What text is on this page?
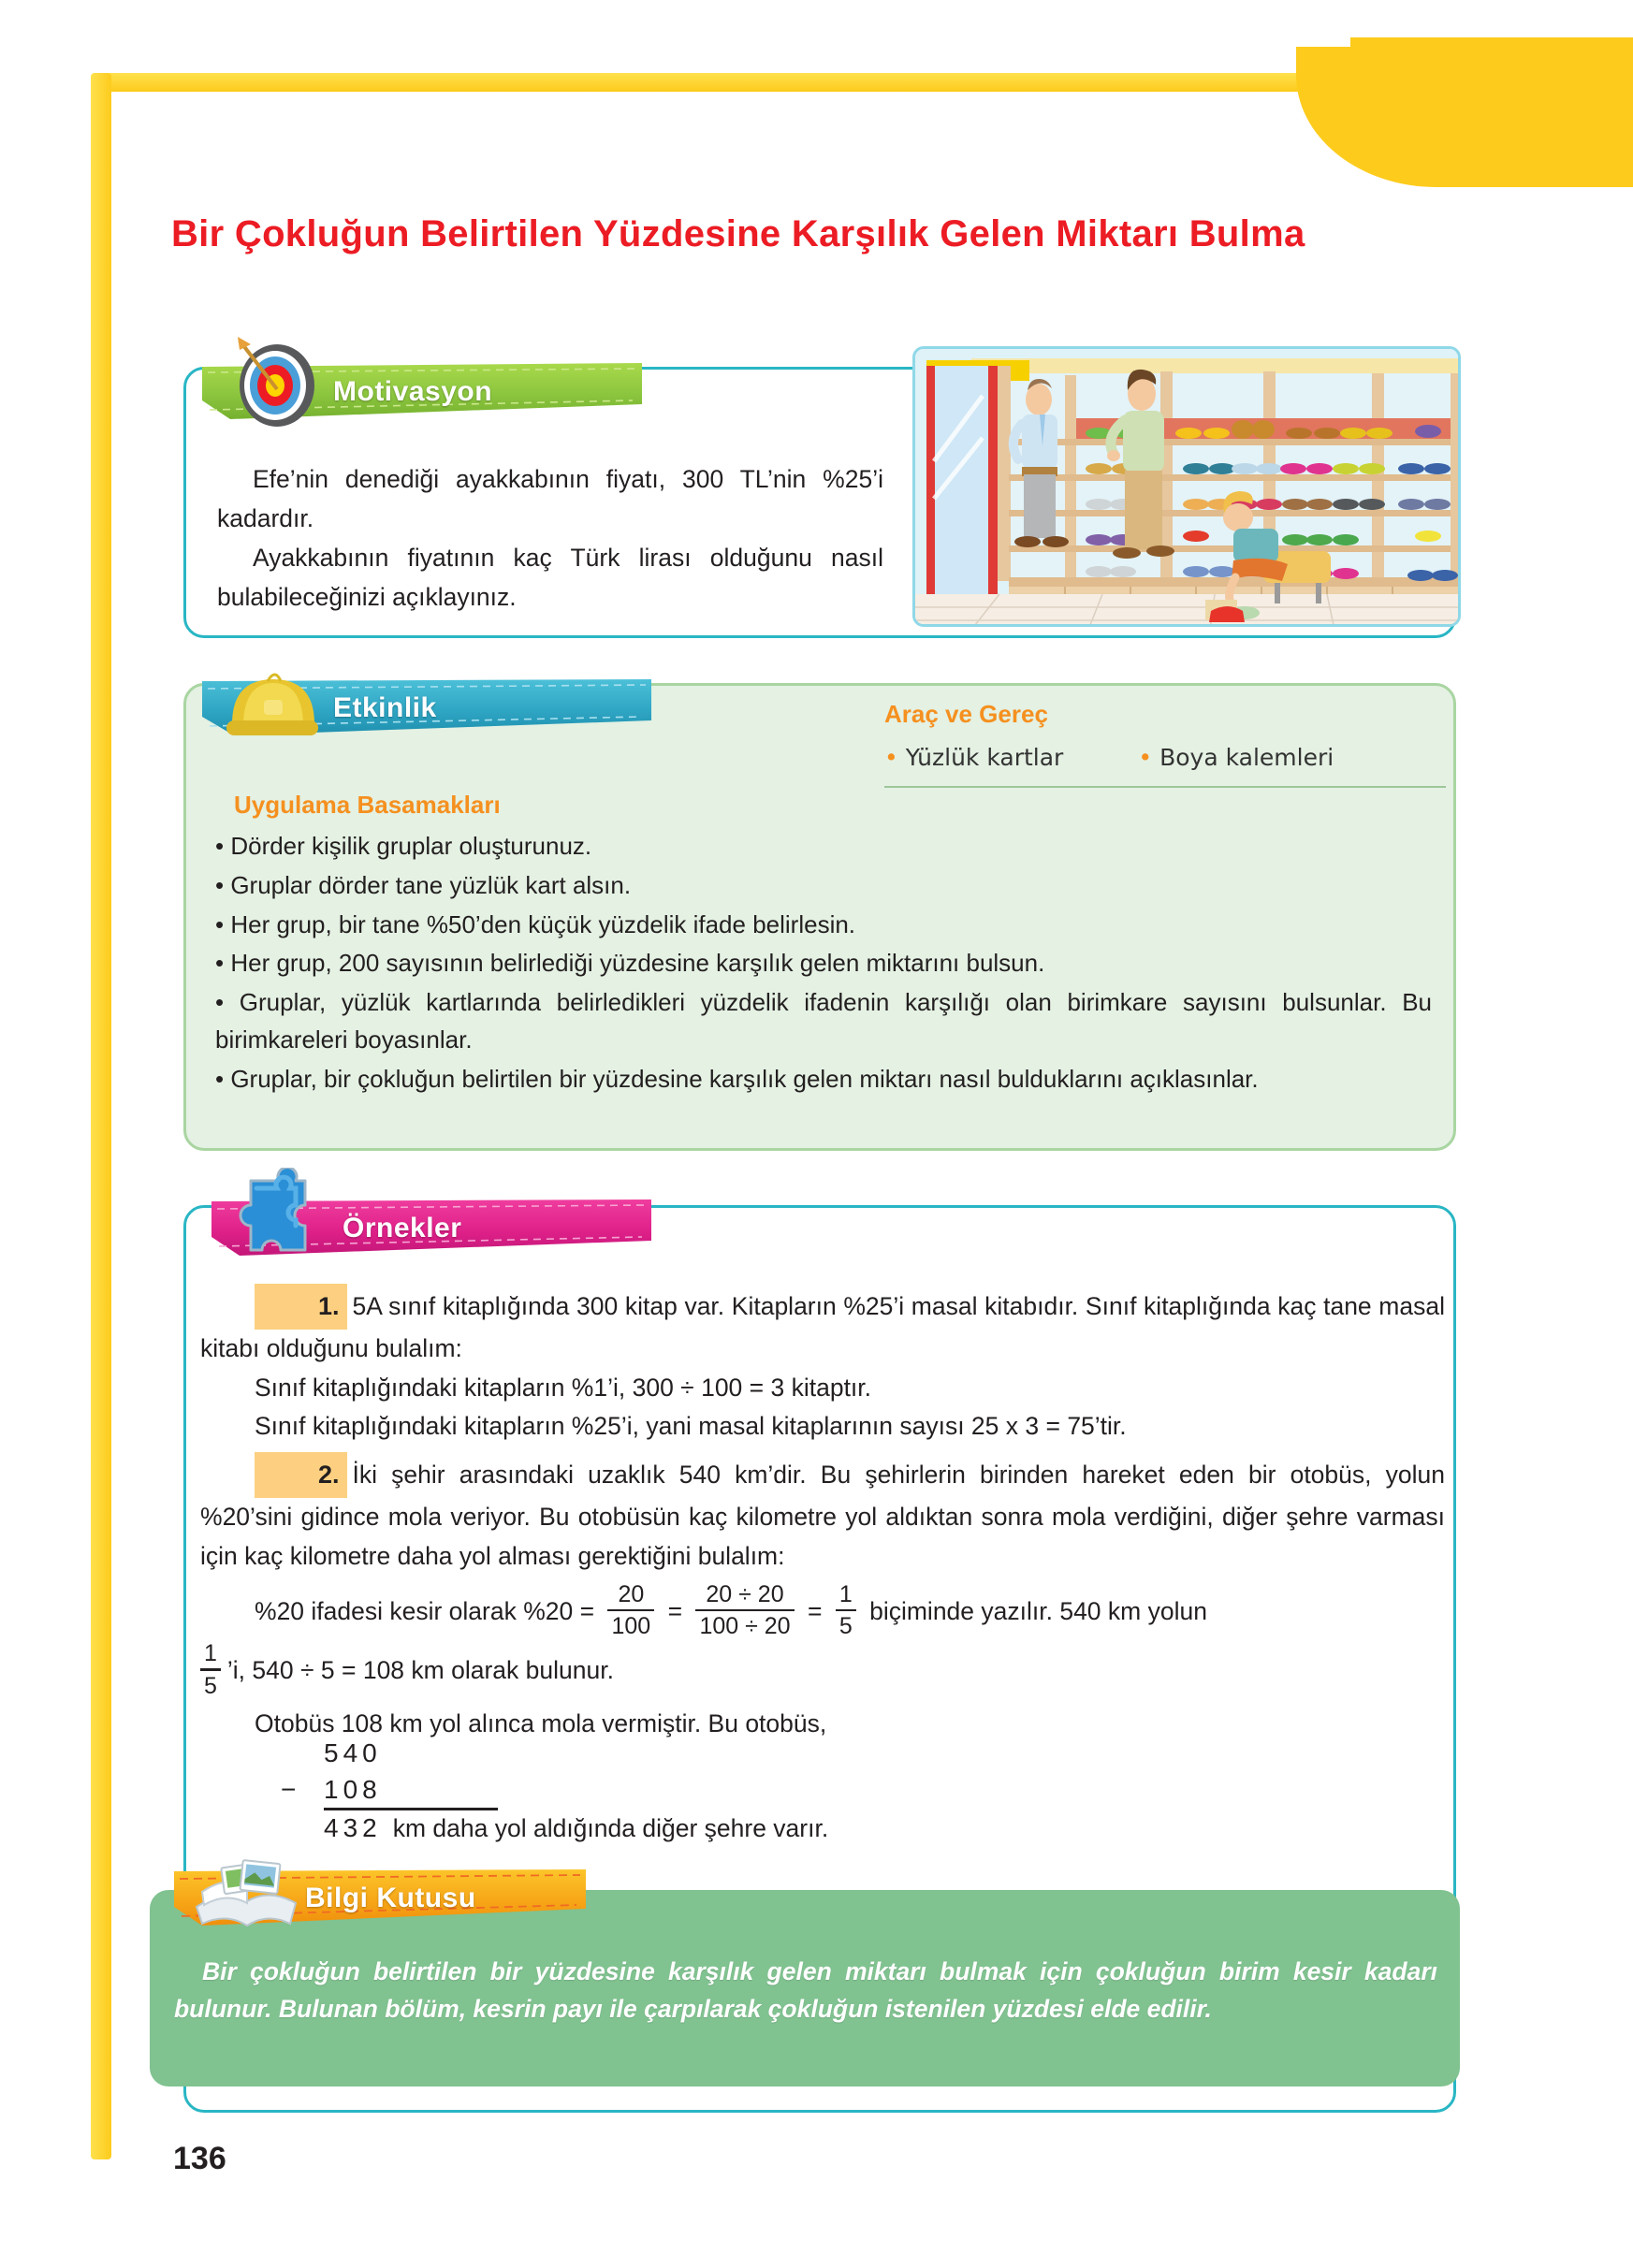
Bir Çokluğun Belirtilen Yüzdesine Karşılık Gelen Miktarı Bulma
Motivasyon

Efe’nin denediği ayakkabının fiyatı, 300 TL’nin %25’i kadardır.

Ayakkabının fiyatının kaç Türk lirası olduğunu nasıl bulabileceğinizi açıklayınız.

Etkinlik	Araç ve Gereç
• Yüzlük kartlar	• Boya kalemleri
Uygulama Basamakları
• Dörder kişilik gruplar oluşturunuz.
• Gruplar dörder tane yüzlük kart alsın.
• Her grup, bir tane %50’den küçük yüzdelik ifade belirlesin.
• Her grup, 200 sayısının belirlediği yüzdesine karşılık gelen miktarını bulsun.
• Gruplar, yüzlük kartlarında belirledikleri yüzdelik ifadenin karşılığı olan birimkare sayısını bulsunlar. Bu birimkareleri boyasınlar.
• Gruplar, bir çokluğun belirtilen bir yüzdesine karşılık gelen miktarı nasıl bulduklarını açıklasınlar.
Örnekler
1. 5A sınıf kitaplığında 300 kitap var. Kitapların %25’i masal kitabıdır. Sınıf kitaplığında kaç tane masal kitabı olduğunu bulalım:
Sınıf kitaplığındaki kitapların %1’i, 300 ÷ 100 = 3 kitaptır.
Sınıf kitaplığındaki kitapların %25’i, yani masal kitaplarının sayısı 25 x 3 = 75’tir.
2. İki şehir arasındaki uzaklık 540 km’dir. Bu şehirlerin birinden hareket eden bir otobüs, yolun %20’sini gidince mola veriyor. Bu otobüsün kaç kilometre yol aldıktan sonra mola verdiğini, diğer şehre varması için kaç kilometre daha yol alması gerektiğini bulalım:
%20 ifadesi kesir olarak $\%20 = \frac{20}{100} = \frac{20 \div 20}{100 \div 20} = \frac{1}{5}$ biçiminde yazılır. 540 km yolun
$\frac{1}{5}$ ’i, 540 ÷ 5 = 108 km olarak bulunur.
Otobüs 108 km yol alınca mola vermiştir. Bu otobüs,
540
−	108
432 km daha yol aldığında diğer şehre varır.
Bilgi Kutusu

Bir çokluğun belirtilen bir yüzdesine karşılık gelen miktarı bulmak için çokluğun birim kesir kadarı bulunur. Bulunan bölüm, kesrin payı ile çarpılarak çokluğun istenilen yüzdesi elde edilir.

136
